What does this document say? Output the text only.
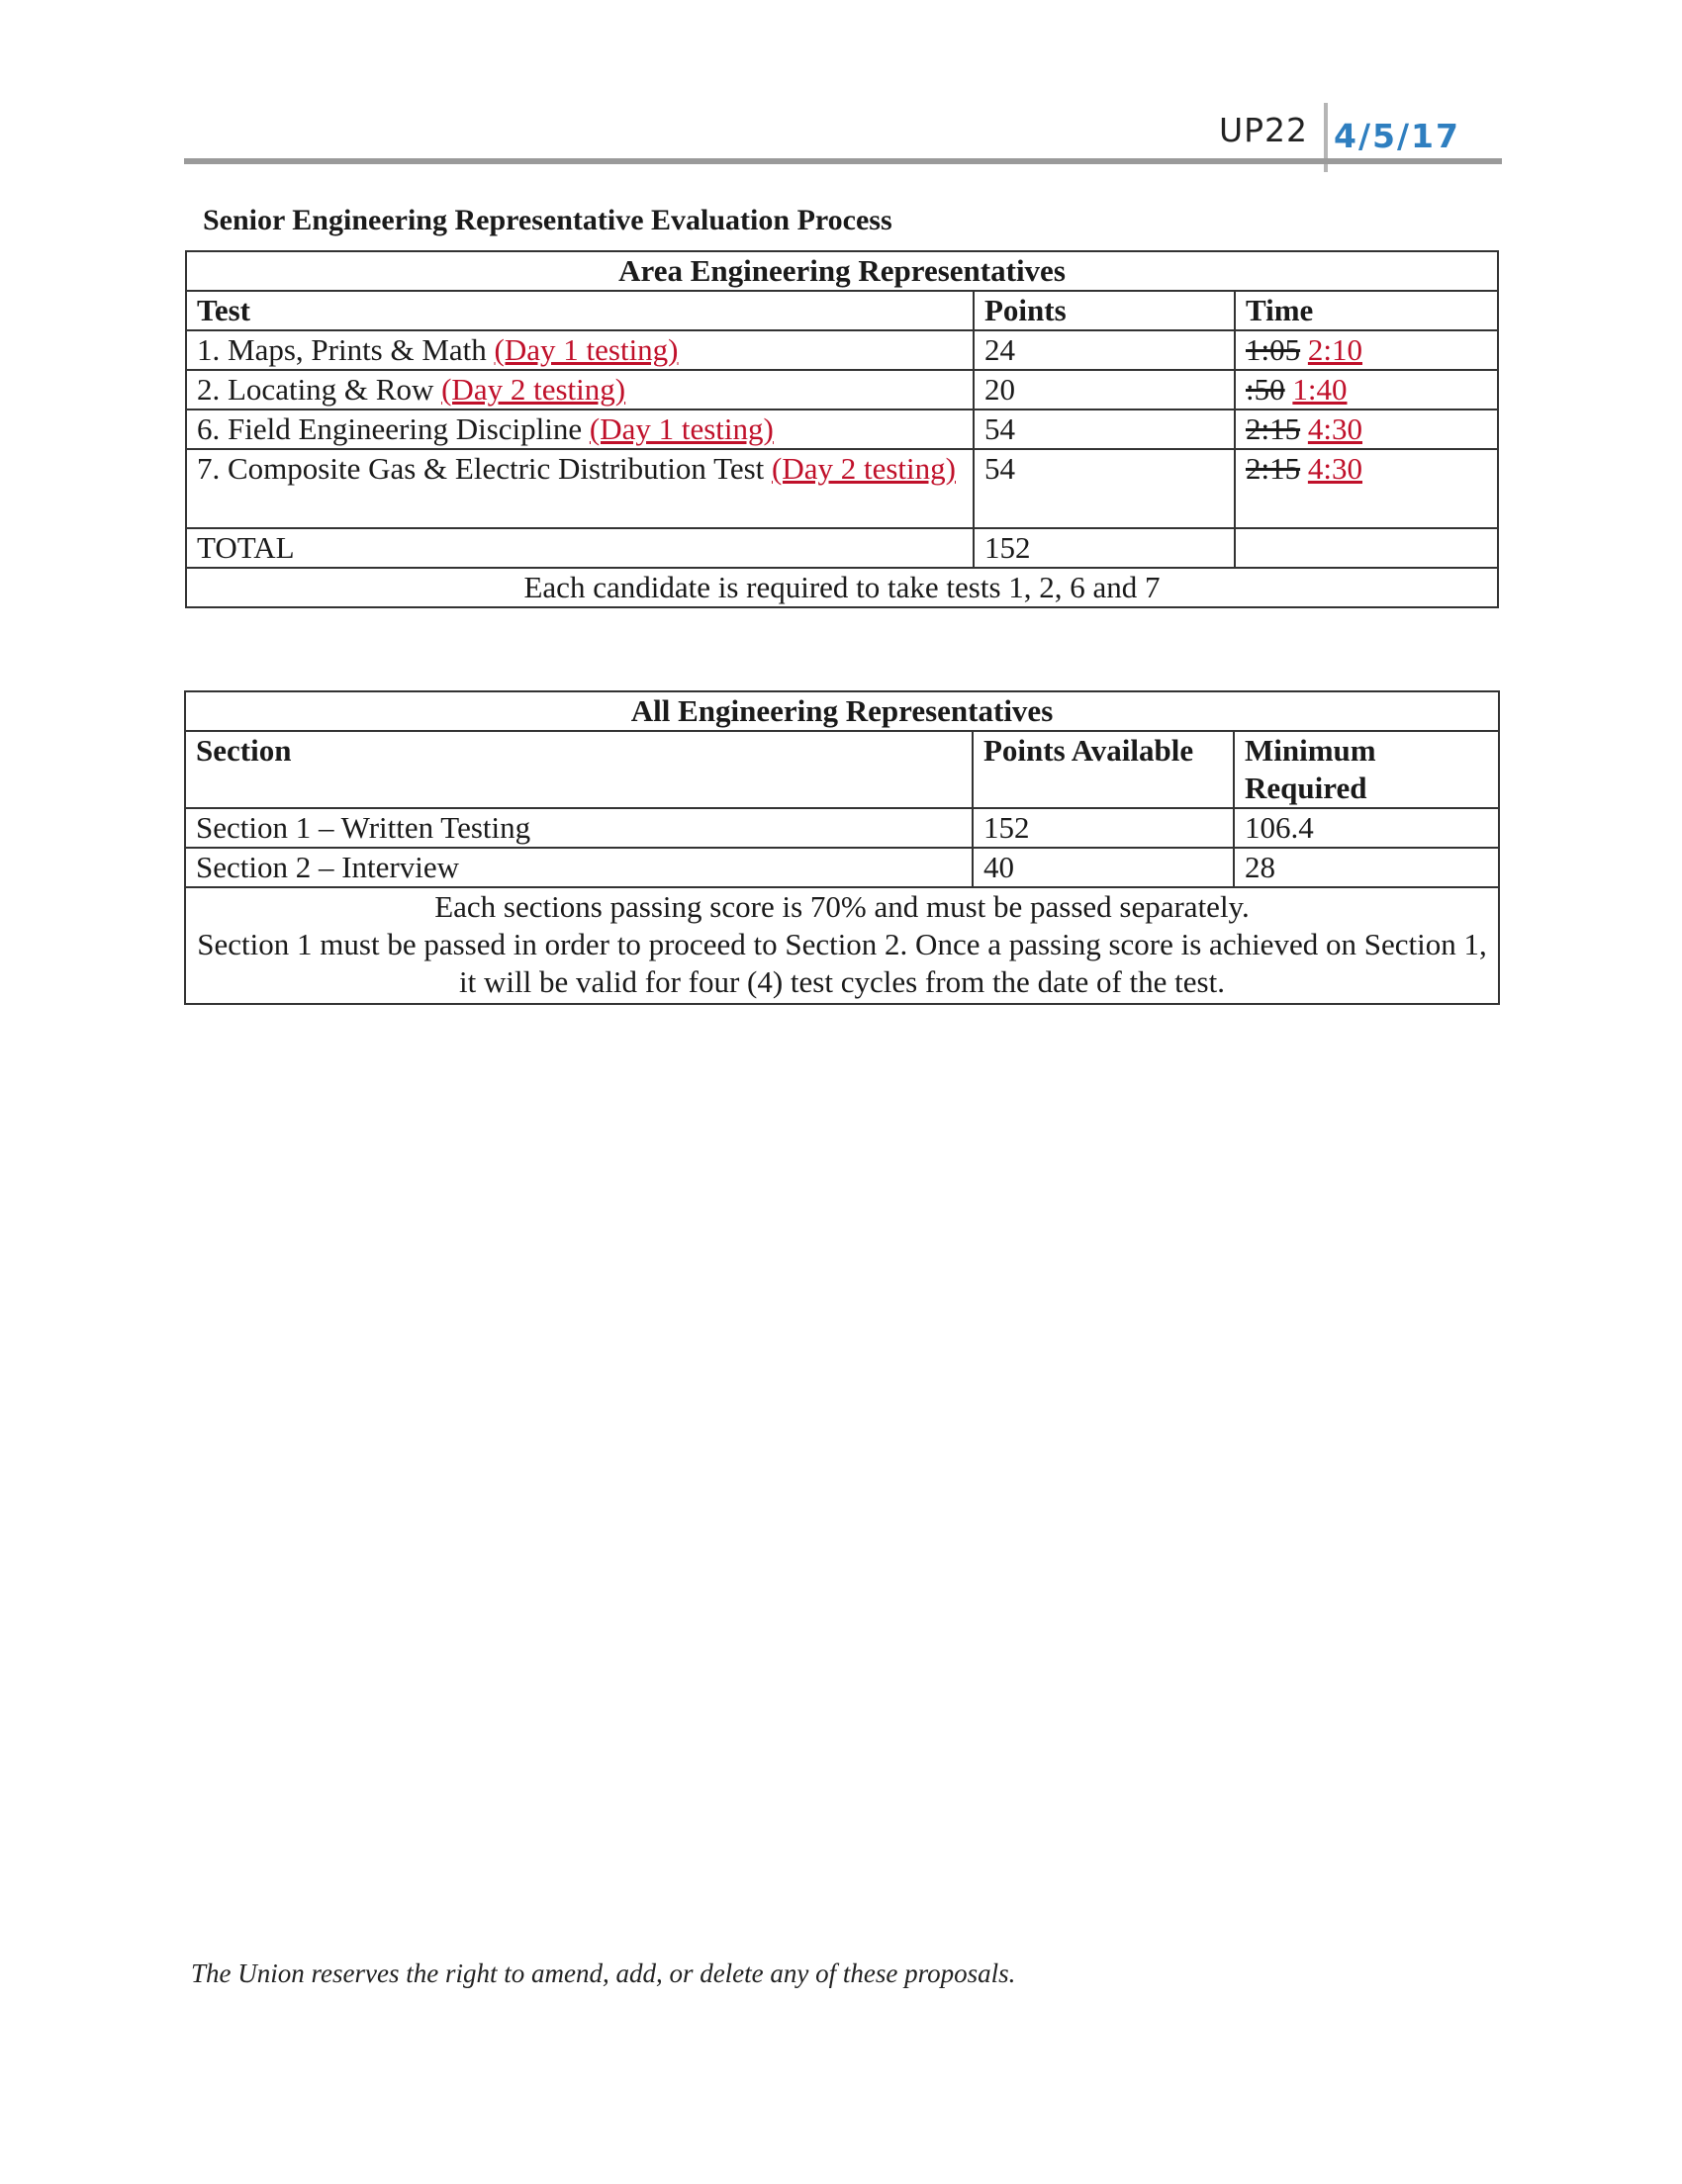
UP22 4/5/17
Senior Engineering Representative Evaluation Process
Area Engineering Representatives		
Test	Points	Time
1. Maps, Prints & Math (Day 1 testing)	24	1:05 2:10
2. Locating & Row (Day 2 testing)	20	:50 1:40
6. Field Engineering Discipline (Day 1 testing)	54	2:15 4:30
7. Composite Gas & Electric Distribution Test (Day 2 testing)	54	2:15 4:30
TOTAL	152	
Each candidate is required to take tests 1, 2, 6 and 7		
All Engineering Representatives		
Section	Points Available	Minimum Required
Section 1 – Written Testing	152	106.4
Section 2 – Interview	40	28

Each sections passing score is 70% and must be passed separately.
Section 1 must be passed in order to proceed to Section 2. Once a passing score is achieved on Section 1, it will be valid for four (4) test cycles from the date of the test.		
The Union reserves the right to amend, add, or delete any of these proposals.
